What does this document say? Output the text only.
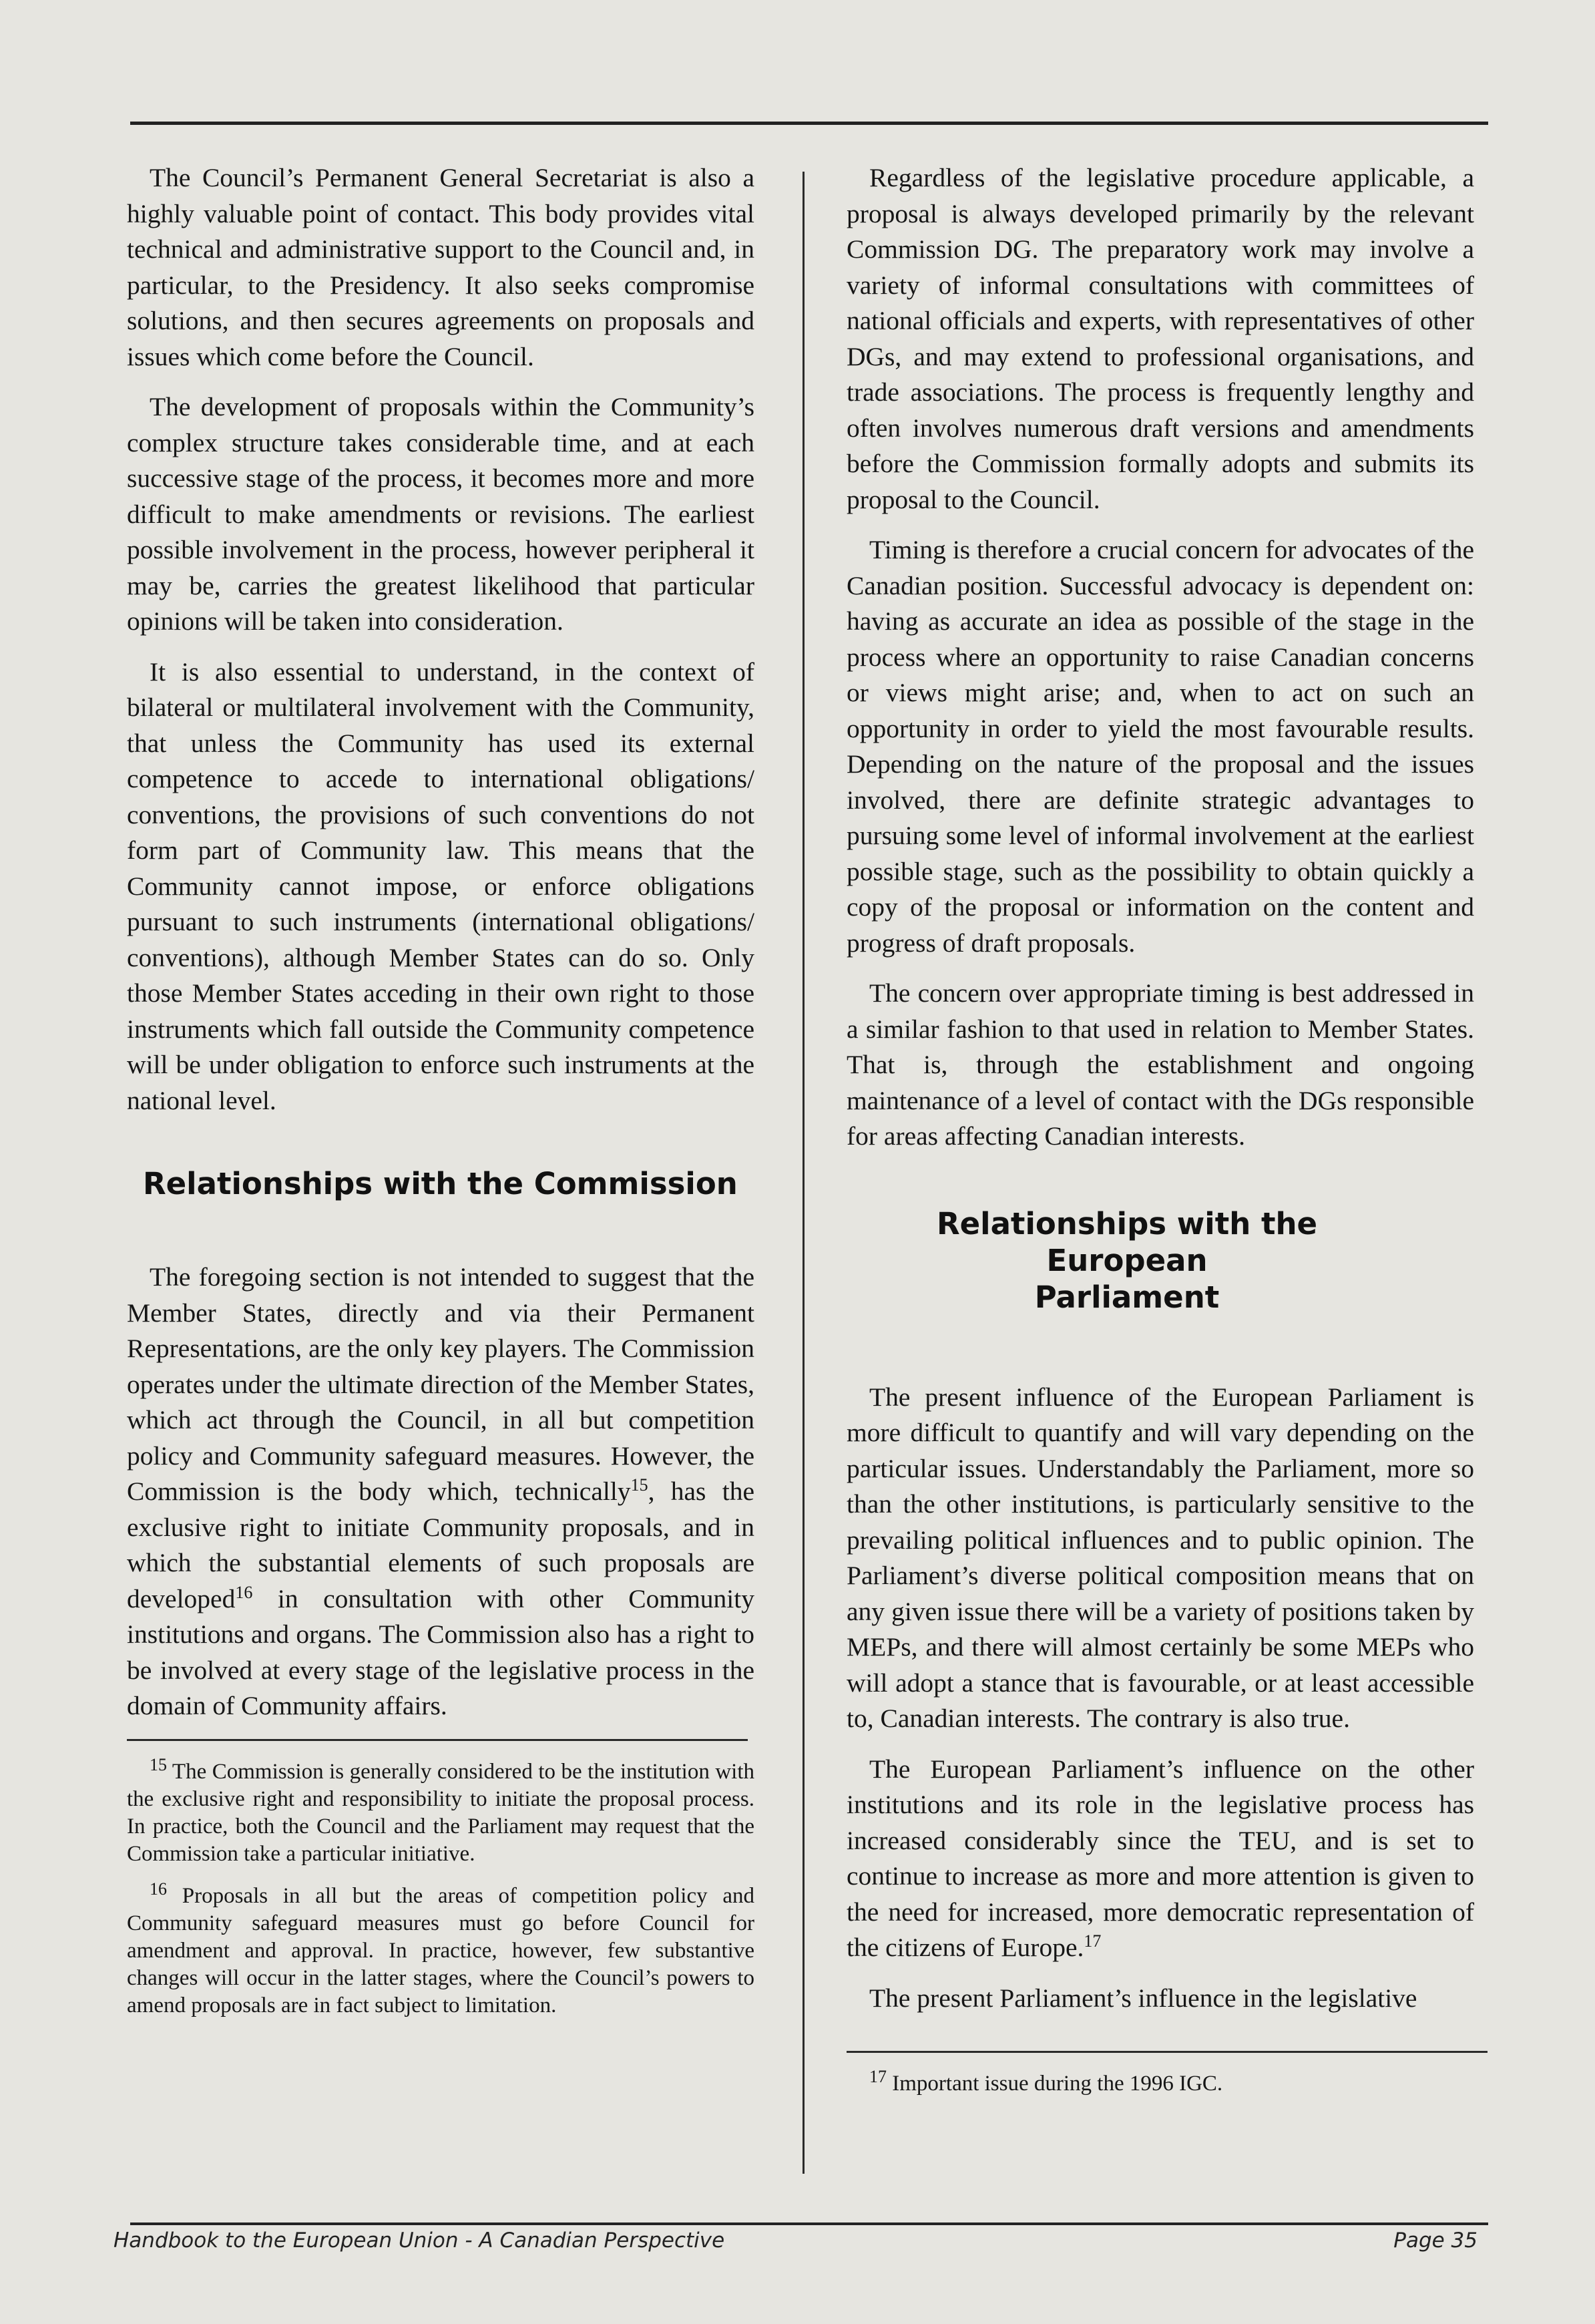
The Council’s Permanent General Secretariat is also a highly valuable point of contact. This body provides vital technical and administrative support to the Council and, in particular, to the Presidency. It also seeks compromise solutions, and then secures agreements on proposals and issues which come before the Council.

The development of proposals within the Community’s complex structure takes considerable time, and at each successive stage of the process, it becomes more and more difficult to make amendments or revisions. The earliest possible involvement in the process, however peripheral it may be, carries the greatest likelihood that particular opinions will be taken into consideration.

It is also essential to understand, in the context of bilateral or multilateral involvement with the Community, that unless the Community has used its external competence to accede to international obligations/ conventions, the provisions of such conventions do not form part of Community law. This means that the Community cannot impose, or enforce obligations pursuant to such instruments (international obligations/ conventions), although Member States can do so. Only those Member States acceding in their own right to those instruments which fall outside the Community competence will be under obligation to enforce such instruments at the national level.

Relationships with the Commission

The foregoing section is not intended to suggest that the Member States, directly and via their Permanent Representations, are the only key players. The Commission operates under the ultimate direction of the Member States, which act through the Council, in all but competition policy and Community safeguard measures. However, the Commission is the body which, technically$^{15}$, has the exclusive right to initiate Community proposals, and in which the substantial elements of such proposals are developed$^{16}$ in consultation with other Community institutions and organs. The Commission also has a right to be involved at every stage of the legislative process in the domain of Community affairs.

$^{15}$ The Commission is generally considered to be the institution with the exclusive right and responsibility to initiate the proposal process. In practice, both the Council and the Parliament may request that the Commission take a particular initiative.

$^{16}$ Proposals in all but the areas of competition policy and Community safeguard measures must go before Council for amendment and approval. In practice, however, few substantive changes will occur in the latter stages, where the Council’s powers to amend proposals are in fact subject to limitation.

Regardless of the legislative procedure applicable, a proposal is always developed primarily by the relevant Commission DG. The preparatory work may involve a variety of informal consultations with committees of national officials and experts, with representatives of other DGs, and may extend to professional organisations, and trade associations. The process is frequently lengthy and often involves numerous draft versions and amendments before the Commission formally adopts and submits its proposal to the Council.

Timing is therefore a crucial concern for advocates of the Canadian position. Successful advocacy is dependent on: having as accurate an idea as possible of the stage in the process where an opportunity to raise Canadian concerns or views might arise; and, when to act on such an opportunity in order to yield the most favourable results. Depending on the nature of the proposal and the issues involved, there are definite strategic advantages to pursuing some level of informal involvement at the earliest possible stage, such as the possibility to obtain quickly a copy of the proposal or information on the content and progress of draft proposals.

The concern over appropriate timing is best addressed in a similar fashion to that used in relation to Member States. That is, through the establishment and ongoing maintenance of a level of contact with the DGs responsible for areas affecting Canadian interests.

Relationships with the European
Parliament

The present influence of the European Parliament is more difficult to quantify and will vary depending on the particular issues. Understandably the Parliament, more so than the other institutions, is particularly sensitive to the prevailing political influences and to public opinion. The Parliament’s diverse political composition means that on any given issue there will be a variety of positions taken by MEPs, and there will almost certainly be some MEPs who will adopt a stance that is favourable, or at least accessible to, Canadian interests. The contrary is also true.

The European Parliament’s influence on the other institutions and its role in the legislative process has increased considerably since the TEU, and is set to continue to increase as more and more attention is given to the need for increased, more democratic representation of the citizens of Europe.$^{17}$

The present Parliament’s influence in the legislative

$^{17}$ Important issue during the 1996 IGC.

Handbook to the European Union - A Canadian Perspective	Page 35
